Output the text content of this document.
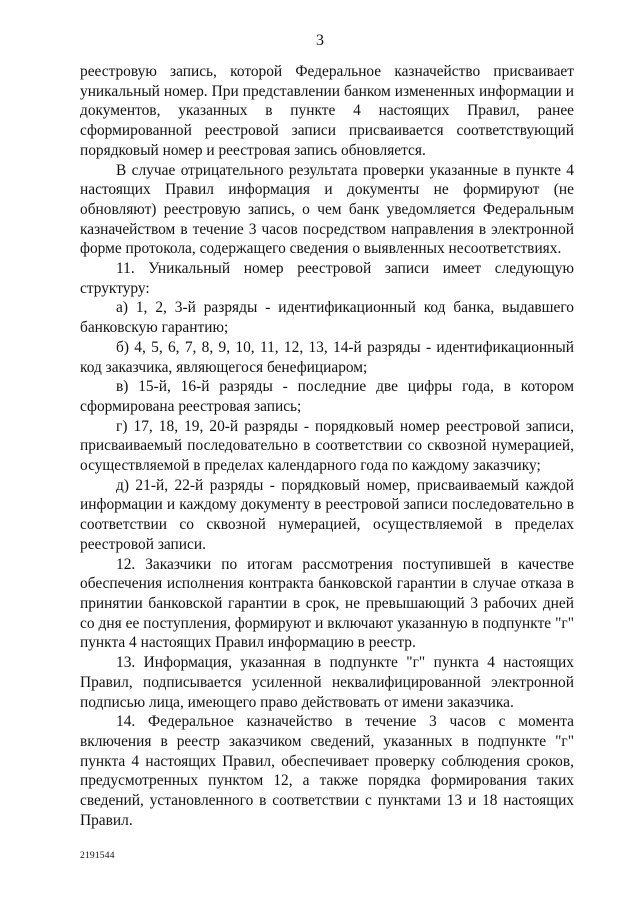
3

реестровую запись, которой Федеральное казначейство присваивает уникальный номер. При представлении банком измененных информации и документов, указанных в пункте 4 настоящих Правил, ранее сформированной реестровой записи присваивается соответствующий порядковый номер и реестровая запись обновляется.

В случае отрицательного результата проверки указанные в пункте 4 настоящих Правил информация и документы не формируют (не обновляют) реестровую запись, о чем банк уведомляется Федеральным казначейством в течение 3 часов посредством направления в электронной форме протокола, содержащего сведения о выявленных несоответствиях.

11. Уникальный номер реестровой записи имеет следующую структуру:

а) 1, 2, 3-й разряды - идентификационный код банка, выдавшего банковскую гарантию;

б) 4, 5, 6, 7, 8, 9, 10, 11, 12, 13, 14-й разряды - идентификационный код заказчика, являющегося бенефициаром;

в) 15-й, 16-й разряды - последние две цифры года, в котором сформирована реестровая запись;

г) 17, 18, 19, 20-й разряды - порядковый номер реестровой записи, присваиваемый последовательно в соответствии со сквозной нумерацией, осуществляемой в пределах календарного года по каждому заказчику;

д) 21-й, 22-й разряды - порядковый номер, присваиваемый каждой информации и каждому документу в реестровой записи последовательно в соответствии со сквозной нумерацией, осуществляемой в пределах реестровой записи.

12. Заказчики по итогам рассмотрения поступившей в качестве обеспечения исполнения контракта банковской гарантии в случае отказа в принятии банковской гарантии в срок, не превышающий 3 рабочих дней со дня ее поступления, формируют и включают указанную в подпункте "г" пункта 4 настоящих Правил информацию в реестр.

13. Информация, указанная в подпункте "г" пункта 4 настоящих Правил, подписывается усиленной неквалифицированной электронной подписью лица, имеющего право действовать от имени заказчика.

14. Федеральное казначейство в течение 3 часов с момента включения в реестр заказчиком сведений, указанных в подпункте "г" пункта 4 настоящих Правил, обеспечивает проверку соблюдения сроков, предусмотренных пунктом 12, а также порядка формирования таких сведений, установленного в соответствии с пунктами 13 и 18 настоящих Правил.

2191544
